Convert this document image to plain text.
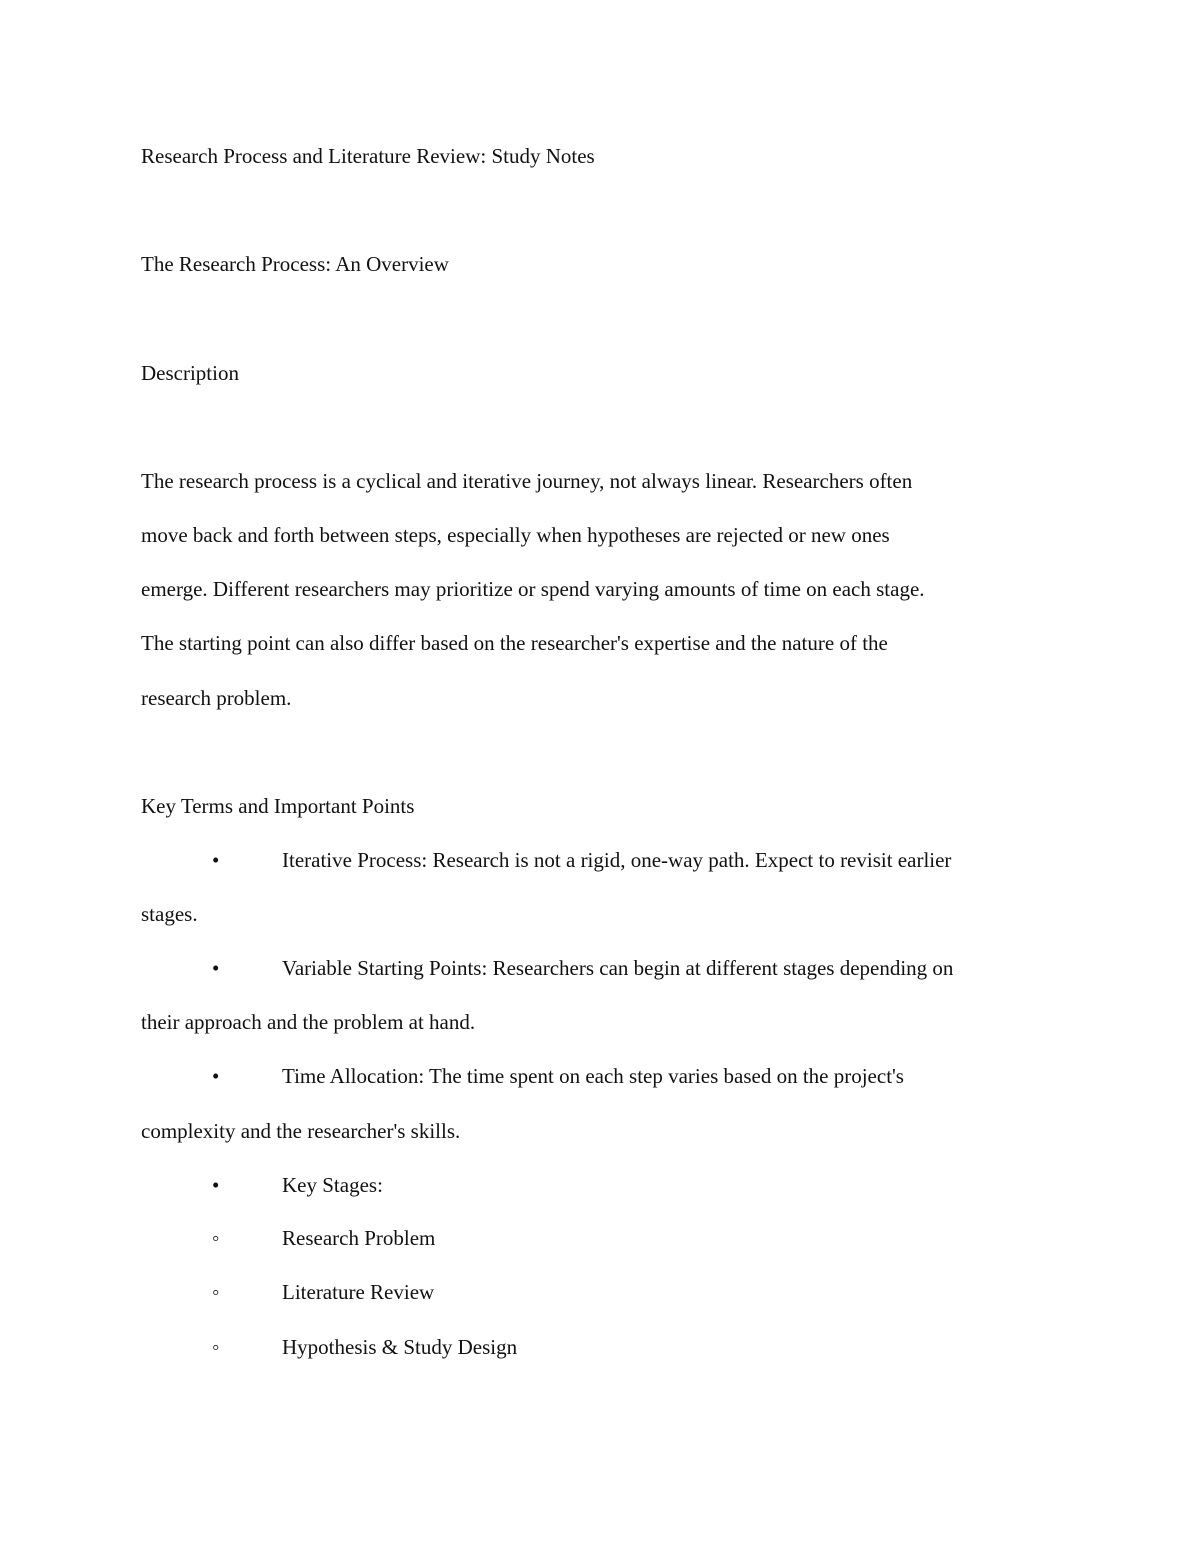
Research Process and Literature Review: Study Notes
The Research Process: An Overview
Description
The research process is a cyclical and iterative journey, not always linear. Researchers often
move back and forth between steps, especially when hypotheses are rejected or new ones
emerge. Different researchers may prioritize or spend varying amounts of time on each stage.
The starting point can also differ based on the researcher's expertise and the nature of the
research problem.
Key Terms and Important Points
•	Iterative Process: Research is not a rigid, one-way path. Expect to revisit earlier
stages.
•	Variable Starting Points: Researchers can begin at different stages depending on
their approach and the problem at hand.
•	Time Allocation: The time spent on each step varies based on the project's
complexity and the researcher's skills.
•	Key Stages:
◦	Research Problem
◦	Literature Review
◦	Hypothesis & Study Design
